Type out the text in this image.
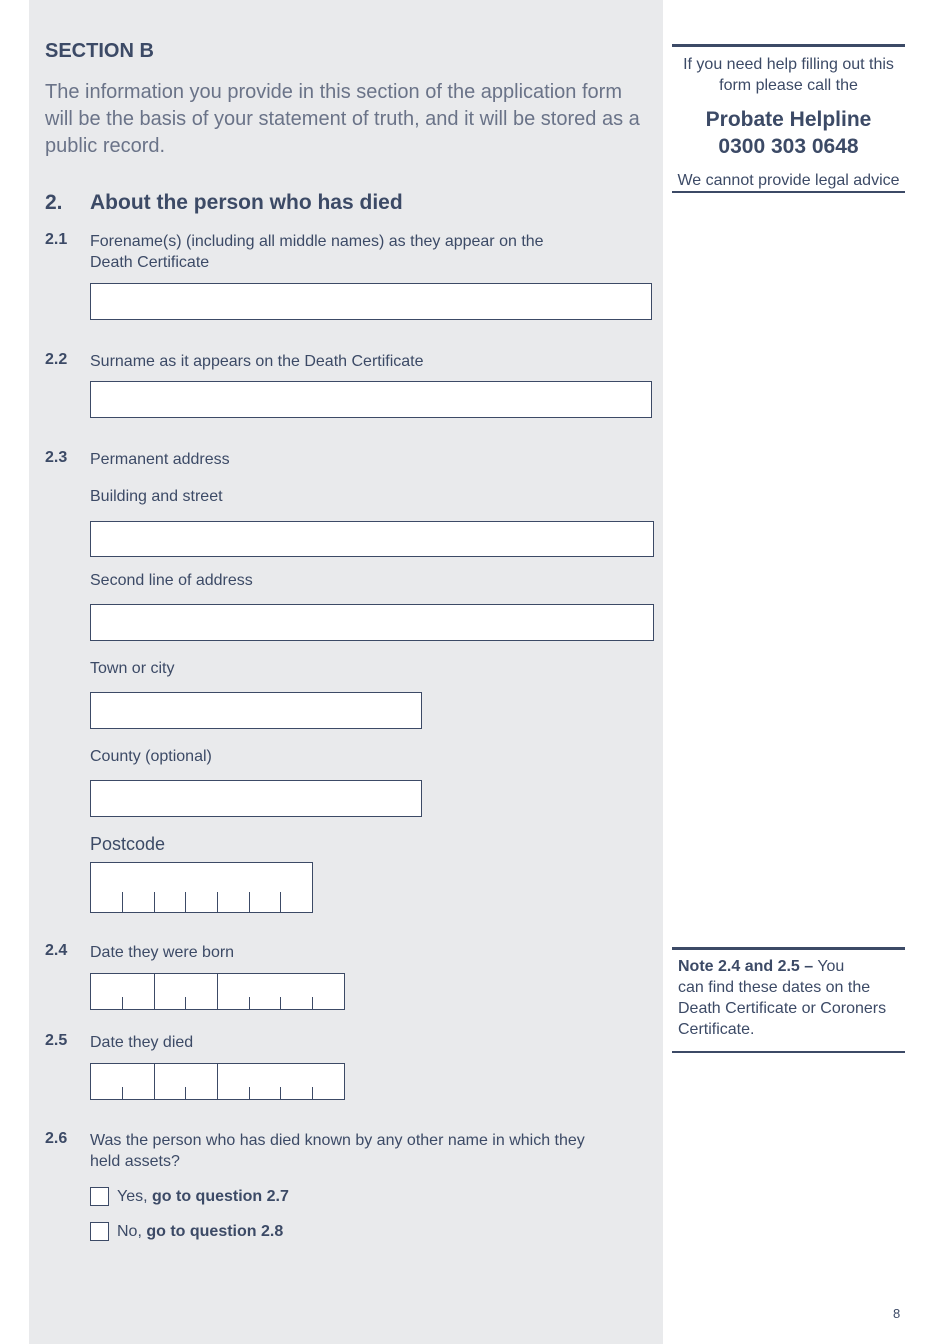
SECTION B
The information you provide in this section of the application form will be the basis of your statement of truth, and it will be stored as a public record.
2. About the person who has died
2.1 Forename(s) (including all middle names) as they appear on the
Death Certificate
2.2 Surname as it appears on the Death Certificate
2.3 Permanent address
Building and street
Second line of address
Town or city
County (optional)
Postcode
2.4 Date they were born
2.5 Date they died
2.6 Was the person who has died known by any other name in which they
held assets?
Yes, go to question 2.7
No, go to question 2.8
If you need help filling out this
form please call the
Probate Helpline
0300 303 0648
We cannot provide legal advice
Note 2.4 and 2.5 – You
can find these dates on the
Death Certificate or Coroners
Certificate.
8
